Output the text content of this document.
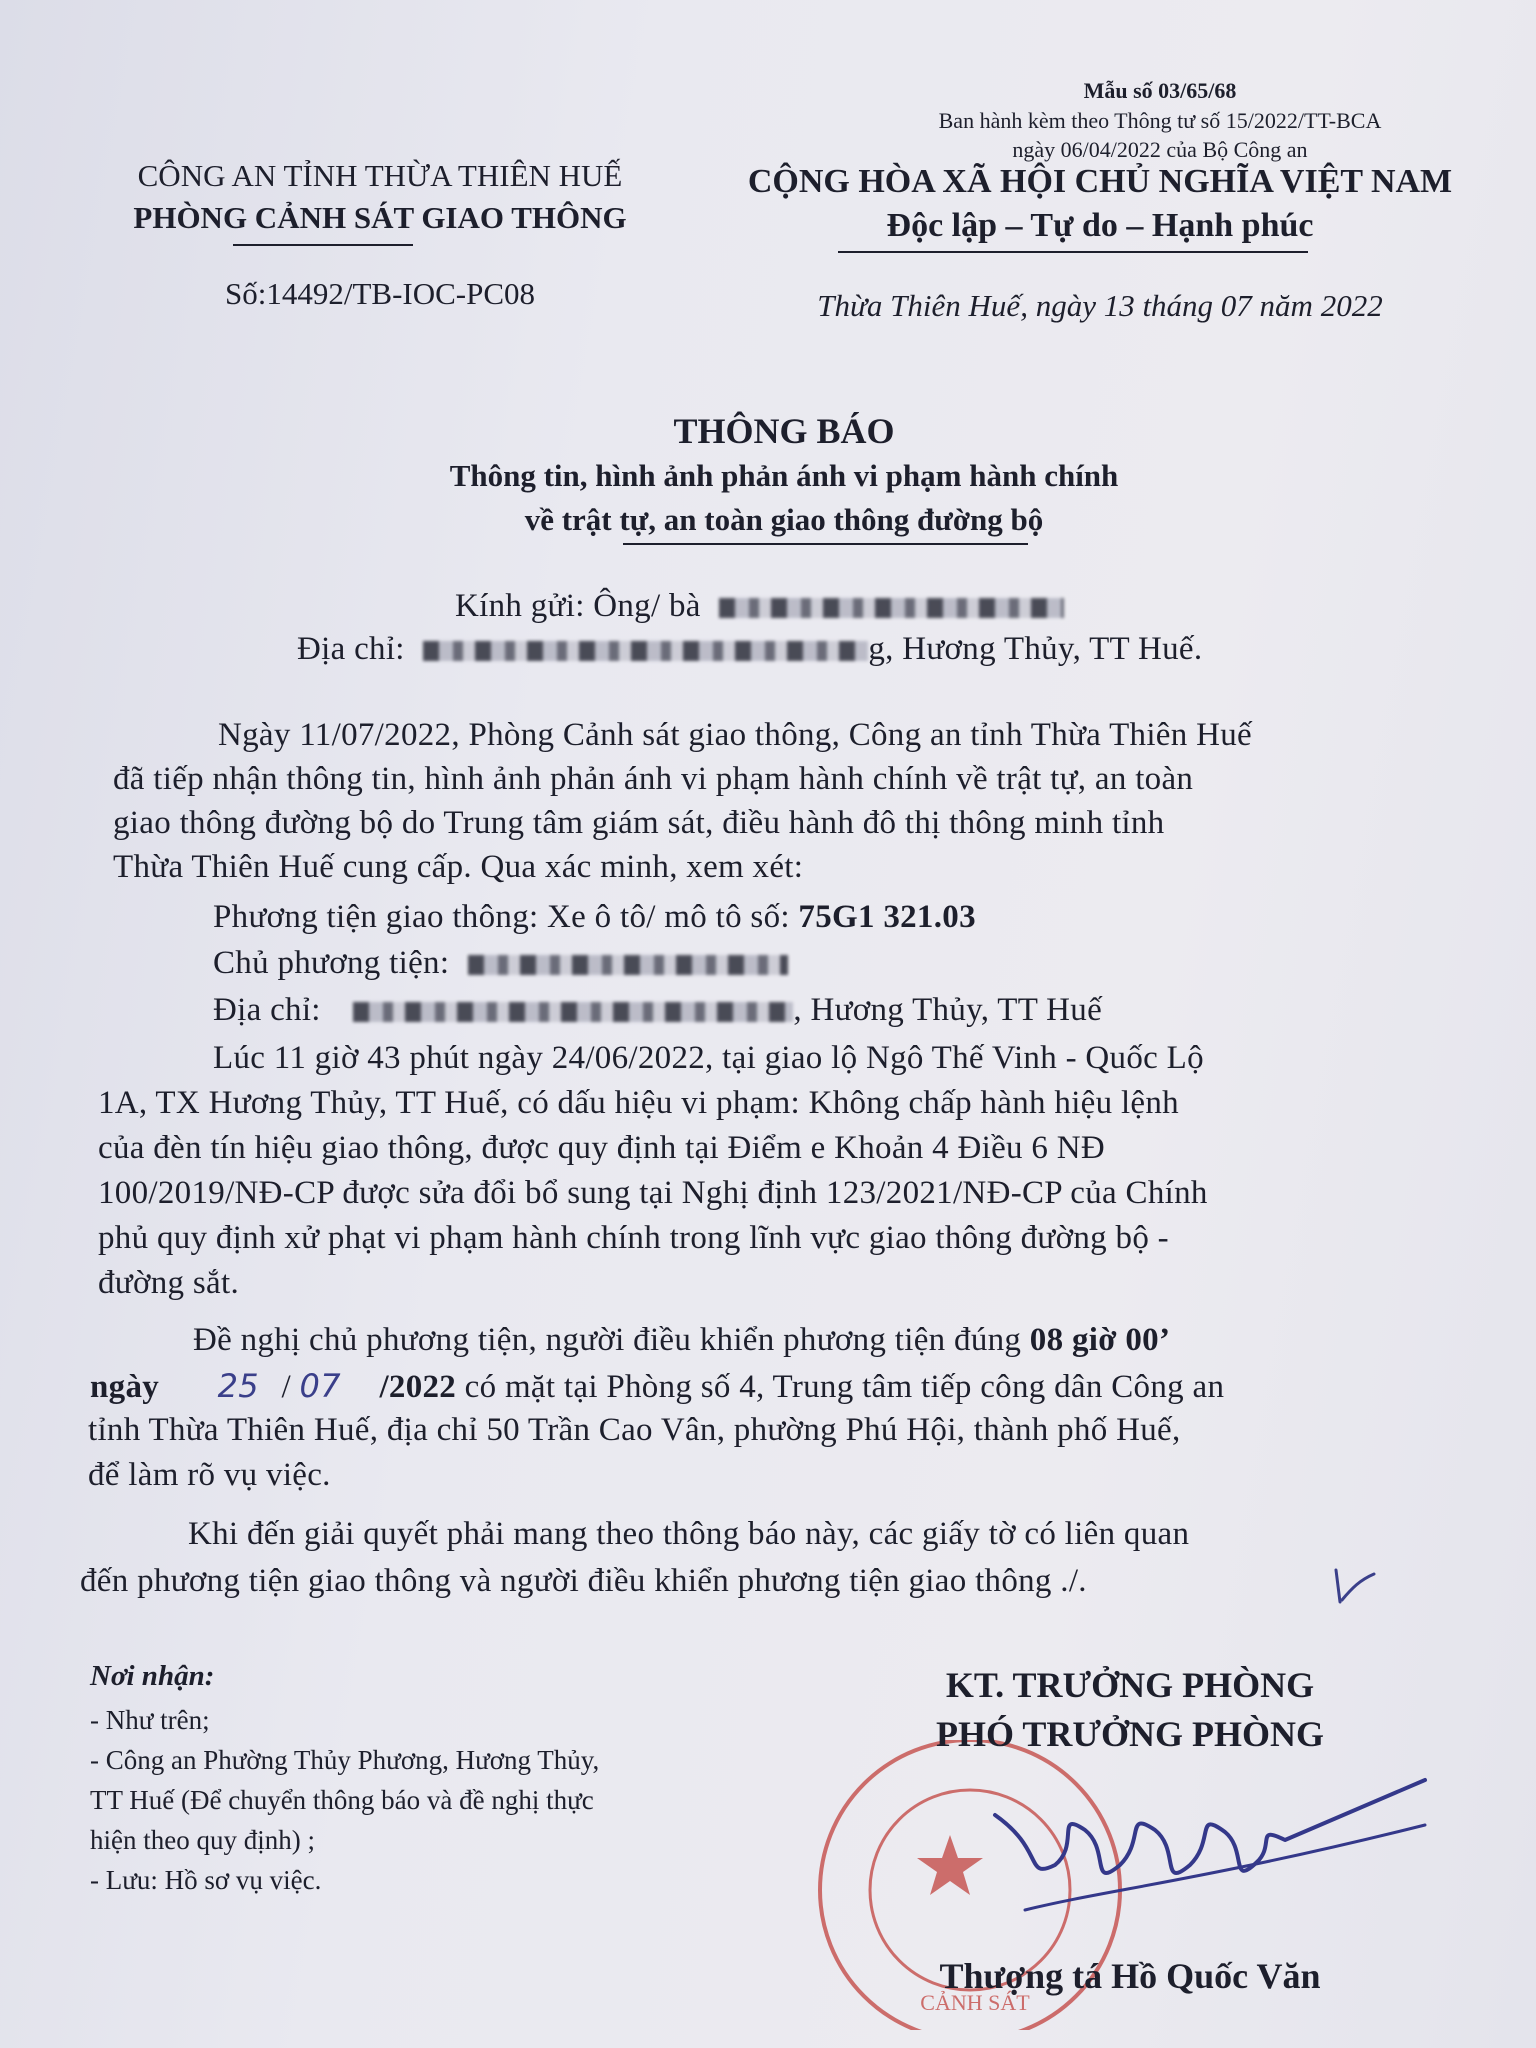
Mẫu số 03/65/68
Ban hành kèm theo Thông tư số 15/2022/TT-BCA
ngày 06/04/2022 của Bộ Công an
CÔNG AN TỈNH THỪA THIÊN HUẾ
PHÒNG CẢNH SÁT GIAO THÔNG
Số:14492/TB-IOC-PC08
CỘNG HÒA XÃ HỘI CHỦ NGHĨA VIỆT NAM
Độc lập – Tự do – Hạnh phúc
Thừa Thiên Huế, ngày 13 tháng 07 năm 2022
THÔNG BÁO
Thông tin, hình ảnh phản ánh vi phạm hành chính
về trật tự, an toàn giao thông đường bộ
Kính gửi: Ông/ bà
Địa chỉ:	g, Hương Thủy, TT Huế.
Ngày 11/07/2022, Phòng Cảnh sát giao thông, Công an tỉnh Thừa Thiên Huế
đã tiếp nhận thông tin, hình ảnh phản ánh vi phạm hành chính về trật tự, an toàn
giao thông đường bộ do Trung tâm giám sát, điều hành đô thị thông minh tỉnh
Thừa Thiên Huế cung cấp. Qua xác minh, xem xét:
Phương tiện giao thông: Xe ô tô/ mô tô số: 75G1 321.03
Chủ phương tiện:
Địa chỉ:	, Hương Thủy, TT Huế
Lúc 11 giờ 43 phút ngày 24/06/2022, tại giao lộ Ngô Thế Vinh - Quốc Lộ
1A, TX Hương Thủy, TT Huế, có dấu hiệu vi phạm: Không chấp hành hiệu lệnh
của đèn tín hiệu giao thông, được quy định tại Điểm e Khoản 4 Điều 6 NĐ
100/2019/NĐ-CP được sửa đổi bổ sung tại Nghị định 123/2021/NĐ-CP của Chính
phủ quy định xử phạt vi phạm hành chính trong lĩnh vực giao thông đường bộ -
đường sắt.
Đề nghị chủ phương tiện, người điều khiển phương tiện đúng 08 giờ 00’
ngày 25 / 07 /2022 có mặt tại Phòng số 4, Trung tâm tiếp công dân Công an
tỉnh Thừa Thiên Huế, địa chỉ 50 Trần Cao Vân, phường Phú Hội, thành phố Huế,
để làm rõ vụ việc.
Khi đến giải quyết phải mang theo thông báo này, các giấy tờ có liên quan
đến phương tiện giao thông và người điều khiển phương tiện giao thông ./.
Nơi nhận:
- Như trên;
- Công an Phường Thủy Phương, Hương Thủy,
TT Huế (Để chuyển thông báo và đề nghị thực
hiện theo quy định) ;
- Lưu: Hồ sơ vụ việc.
CẢNH SÁT
KT. TRƯỞNG PHÒNG
PHÓ TRƯỞNG PHÒNG
Thượng tá Hồ Quốc Văn
